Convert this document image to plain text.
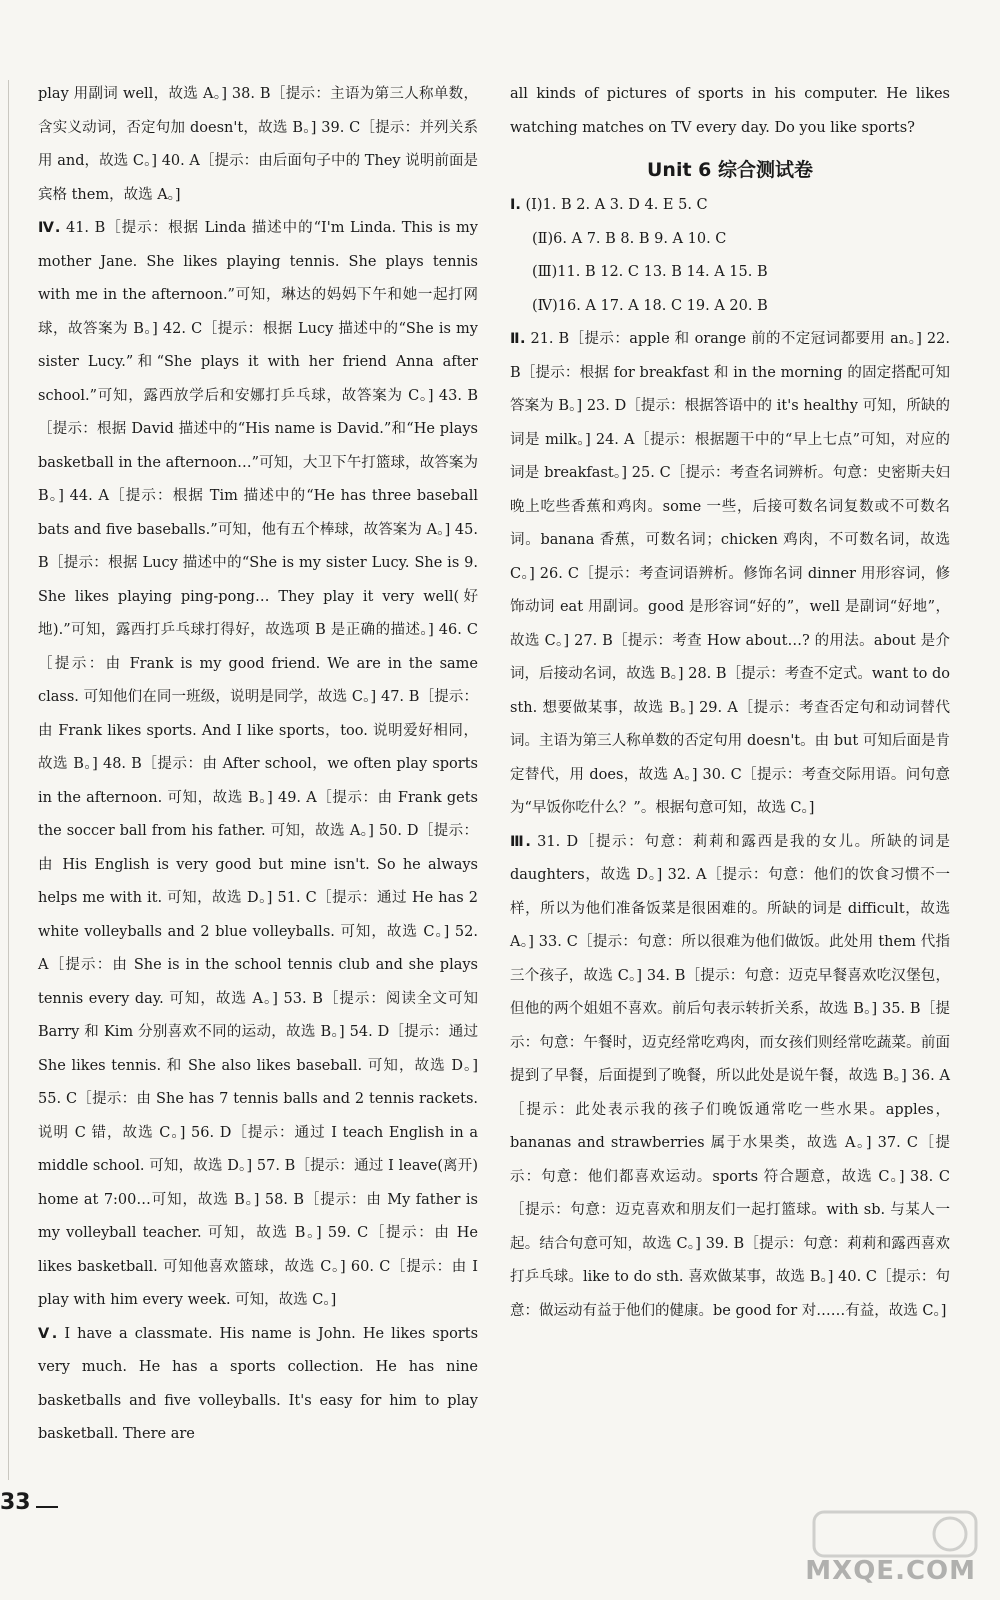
play 用副词 well，故选 A。] 38. B［提示：主语为第三人称单数，含实义动词，否定句加 doesn't，故选 B。] 39. C［提示：并列关系用 and，故选 C。] 40. A［提示：由后面句子中的 They 说明前面是宾格 them，故选 A。]

Ⅳ. 41. B［提示：根据 Linda 描述中的“I'm Linda. This is my mother Jane. She likes playing tennis. She plays tennis with me in the afternoon.”可知，琳达的妈妈下午和她一起打网球，故答案为 B。] 42. C［提示：根据 Lucy 描述中的“She is my sister Lucy.”和“She plays it with her friend Anna after school.”可知，露西放学后和安娜打乒乓球，故答案为 C。] 43. B［提示：根据 David 描述中的“His name is David.”和“He plays basketball in the afternoon…”可知，大卫下午打篮球，故答案为 B。] 44. A［提示：根据 Tim 描述中的“He has three baseball bats and five baseballs.”可知，他有五个棒球，故答案为 A。] 45. B［提示：根据 Lucy 描述中的“She is my sister Lucy. She is 9. She likes playing ping-pong… They play it very well(好地).”可知，露西打乒乓球打得好，故选项 B 是正确的描述。] 46. C［提示：由 Frank is my good friend. We are in the same class. 可知他们在同一班级，说明是同学，故选 C。] 47. B［提示：由 Frank likes sports. And I like sports，too. 说明爱好相同，故选 B。] 48. B［提示：由 After school，we often play sports in the afternoon. 可知，故选 B。] 49. A［提示：由 Frank gets the soccer ball from his father. 可知，故选 A。] 50. D［提示：由 His English is very good but mine isn't. So he always helps me with it. 可知，故选 D。] 51. C［提示：通过 He has 2 white volleyballs and 2 blue volleyballs. 可知，故选 C。] 52. A［提示：由 She is in the school tennis club and she plays tennis every day. 可知，故选 A。] 53. B［提示：阅读全文可知 Barry 和 Kim 分别喜欢不同的运动，故选 B。] 54. D［提示：通过 She likes tennis. 和 She also likes baseball. 可知，故选 D。] 55. C［提示：由 She has 7 tennis balls and 2 tennis rackets. 说明 C 错，故选 C。] 56. D［提示：通过 I teach English in a middle school. 可知，故选 D。] 57. B［提示：通过 I leave(离开) home at 7:00…可知，故选 B。] 58. B［提示：由 My father is my volleyball teacher. 可知，故选 B。] 59. C［提示：由 He likes basketball. 可知他喜欢篮球，故选 C。] 60. C［提示：由 I play with him every week. 可知，故选 C。]

Ⅴ. I have a classmate. His name is John. He likes sports very much. He has a sports collection. He has nine basketballs and five volleyballs. It's easy for him to play basketball. There are

all kinds of pictures of sports in his computer. He likes watching matches on TV every day. Do you like sports?

Unit 6 综合测试卷
Ⅰ. (Ⅰ)1. B 2. A 3. D 4. E 5. C
(Ⅱ)6. A 7. B 8. B 9. A 10. C
(Ⅲ)11. B 12. C 13. B 14. A 15. B
(Ⅳ)16. A 17. A 18. C 19. A 20. B

Ⅱ. 21. B［提示：apple 和 orange 前的不定冠词都要用 an。] 22. B［提示：根据 for breakfast 和 in the morning 的固定搭配可知答案为 B。] 23. D［提示：根据答语中的 it's healthy 可知，所缺的词是 milk。] 24. A［提示：根据题干中的“早上七点”可知，对应的词是 breakfast。] 25. C［提示：考查名词辨析。句意：史密斯夫妇晚上吃些香蕉和鸡肉。some 一些，后接可数名词复数或不可数名词。banana 香蕉，可数名词；chicken 鸡肉，不可数名词，故选 C。] 26. C［提示：考查词语辨析。修饰名词 dinner 用形容词，修饰动词 eat 用副词。good 是形容词“好的”，well 是副词“好地”，故选 C。] 27. B［提示：考查 How about…? 的用法。about 是介词，后接动名词，故选 B。] 28. B［提示：考查不定式。want to do sth. 想要做某事，故选 B。] 29. A［提示：考查否定句和动词替代词。主语为第三人称单数的否定句用 doesn't。由 but 可知后面是肯定替代，用 does，故选 A。] 30. C［提示：考查交际用语。问句意为“早饭你吃什么？”。根据句意可知，故选 C。]

Ⅲ. 31. D［提示：句意：莉莉和露西是我的女儿。所缺的词是 daughters，故选 D。] 32. A［提示：句意：他们的饮食习惯不一样，所以为他们准备饭菜是很困难的。所缺的词是 difficult，故选 A。] 33. C［提示：句意：所以很难为他们做饭。此处用 them 代指三个孩子，故选 C。] 34. B［提示：句意：迈克早餐喜欢吃汉堡包，但他的两个姐姐不喜欢。前后句表示转折关系，故选 B。] 35. B［提示：句意：午餐时，迈克经常吃鸡肉，而女孩们则经常吃蔬菜。前面提到了早餐，后面提到了晚餐，所以此处是说午餐，故选 B。] 36. A［提示：此处表示我的孩子们晚饭通常吃一些水果。apples，bananas and strawberries 属于水果类，故选 A。] 37. C［提示：句意：他们都喜欢运动。sports 符合题意，故选 C。] 38. C［提示：句意：迈克喜欢和朋友们一起打篮球。with sb. 与某人一起。结合句意可知，故选 C。] 39. B［提示：句意：莉莉和露西喜欢打乒乓球。like to do sth. 喜欢做某事，故选 B。] 40. C［提示：句意：做运动有益于他们的健康。be good for 对……有益，故选 C。]

33
MXQE.COM
